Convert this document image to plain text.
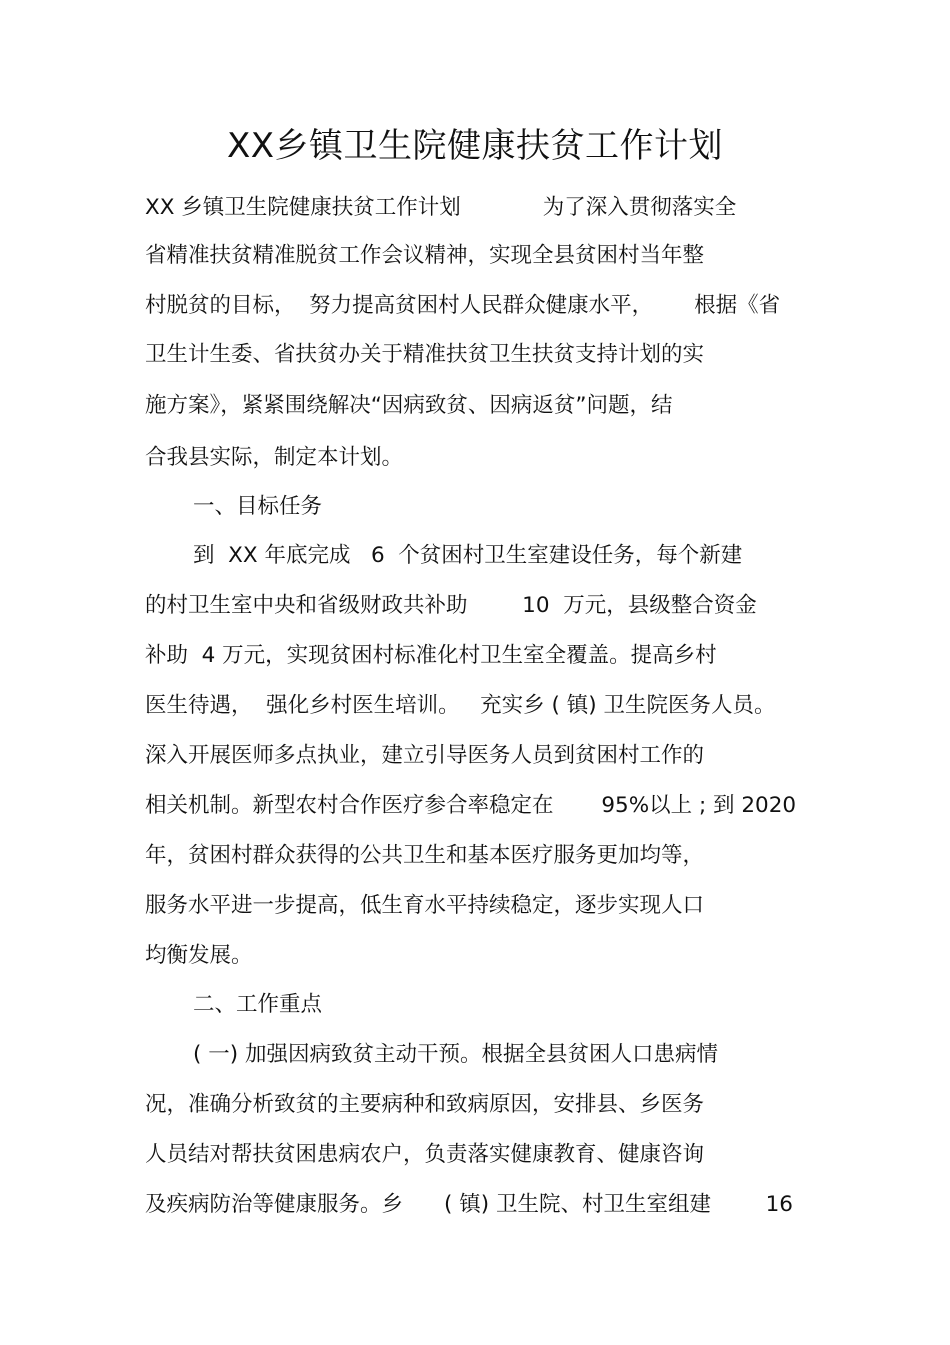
XX乡镇卫生院健康扶贫工作计划

XX 乡镇卫生院健康扶贫工作计划            为了深入贯彻落实全

省精准扶贫精准脱贫工作会议精神，实现全县贫困村当年整

村脱贫的目标，  努力提高贫困村人民群众健康水平，      根据《省

卫生计生委、省扶贫办关于精准扶贫卫生扶贫支持计划的实

施方案》，紧紧围绕解决“因病致贫、因病返贫”问题，结

合我县实际，制定本计划。

一、目标任务

到  XX 年底完成   6  个贫困村卫生室建设任务，每个新建

的村卫生室中央和省级财政共补助        10  万元，县级整合资金

补助  4 万元，实现贫困村标准化村卫生室全覆盖。提高乡村

医生待遇，  强化乡村医生培训。   充实乡 ( 镇) 卫生院医务人员。

深入开展医师多点执业，建立引导医务人员到贫困村工作的

相关机制。新型农村合作医疗参合率稳定在       95%以上 ; 到 2020

年，贫困村群众获得的公共卫生和基本医疗服务更加均等，

服务水平进一步提高，低生育水平持续稳定，逐步实现人口

均衡发展。

二、工作重点

( 一) 加强因病致贫主动干预。根据全县贫困人口患病情

况，准确分析致贫的主要病种和致病原因，安排县、乡医务

人员结对帮扶贫困患病农户，负责落实健康教育、健康咨询

及疾病防治等健康服务。乡      ( 镇) 卫生院、村卫生室组建        16
